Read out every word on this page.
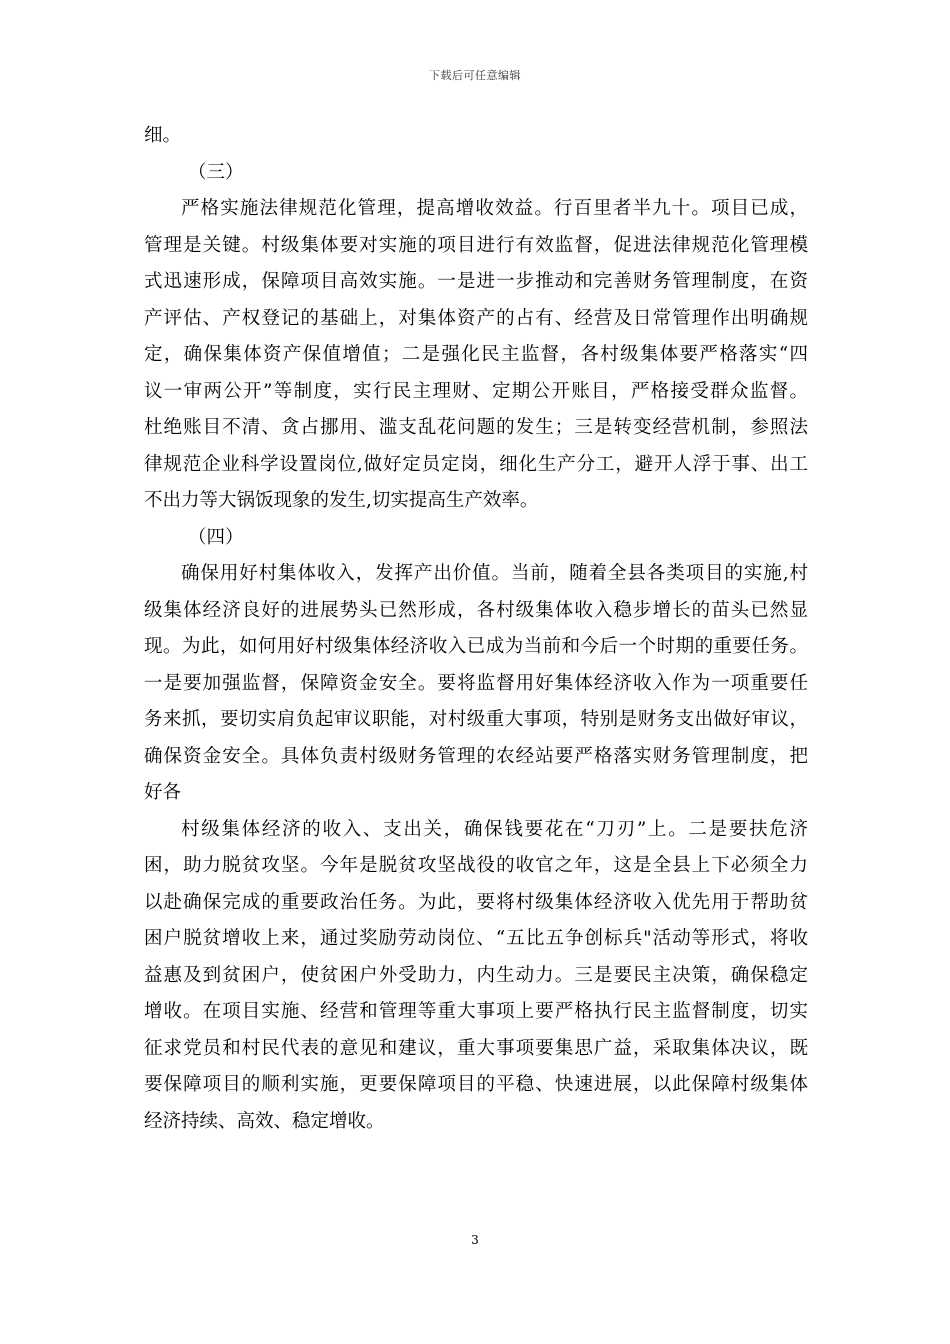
下载后可任意编辑
细。
（三）
严格实施法律规范化管理，提高增收效益。行百里者半九十。项目已成，
管理是关键。村级集体要对实施的项目进行有效监督，促进法律规范化管理模
式迅速形成，保障项目高效实施。一是进一步推动和完善财务管理制度，在资
产评估、产权登记的基础上，对集体资产的占有、经营及日常管理作出明确规
定，确保集体资产保值增值；二是强化民主监督，各村级集体要严格落实“四
议一审两公开”等制度，实行民主理财、定期公开账目，严格接受群众监督。
杜绝账目不清、贪占挪用、滥支乱花问题的发生；三是转变经营机制，参照法
律规范企业科学设置岗位,做好定员定岗，细化生产分工，避开人浮于事、出工
不出力等大锅饭现象的发生,切实提高生产效率。
（四）
确保用好村集体收入，发挥产出价值。当前，随着全县各类项目的实施,村
级集体经济良好的进展势头已然形成，各村级集体收入稳步增长的苗头已然显
现。为此，如何用好村级集体经济收入已成为当前和今后一个时期的重要任务。
一是要加强监督，保障资金安全。要将监督用好集体经济收入作为一项重要任
务来抓，要切实肩负起审议职能，对村级重大事项，特别是财务支出做好审议，
确保资金安全。具体负责村级财务管理的农经站要严格落实财务管理制度，把
好各
村级集体经济的收入、支出关，确保钱要花在“刀刃”上。二是要扶危济
困，助力脱贫攻坚。今年是脱贫攻坚战役的收官之年，这是全县上下必须全力
以赴确保完成的重要政治任务。为此，要将村级集体经济收入优先用于帮助贫
困户脱贫增收上来，通过奖励劳动岗位、“五比五争创标兵"活动等形式，将收
益惠及到贫困户，使贫困户外受助力，内生动力。三是要民主决策，确保稳定
增收。在项目实施、经营和管理等重大事项上要严格执行民主监督制度，切实
征求党员和村民代表的意见和建议，重大事项要集思广益，采取集体决议，既
要保障项目的顺利实施，更要保障项目的平稳、快速进展，以此保障村级集体
经济持续、高效、稳定增收。
3
